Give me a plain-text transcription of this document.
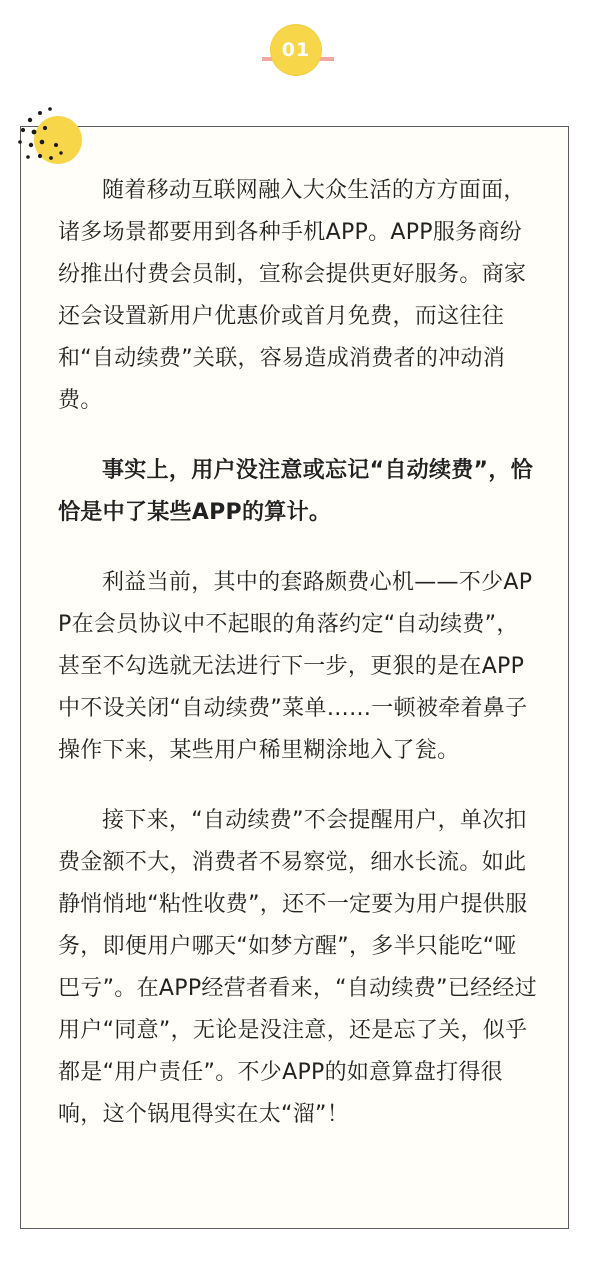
01

随着移动互联网融入大众生活的方方面面，诸多场景都要用到各种手机APP。APP服务商纷纷推出付费会员制，宣称会提供更好服务。商家还会设置新用户优惠价或首月免费，而这往往和“自动续费”关联，容易造成消费者的冲动消费。

事实上，用户没注意或忘记“自动续费”，恰恰是中了某些APP的算计。

利益当前，其中的套路颇费心机——不少APP在会员协议中不起眼的角落约定“自动续费”，甚至不勾选就无法进行下一步，更狠的是在APP中不设关闭“自动续费”菜单……一顿被牵着鼻子操作下来，某些用户稀里糊涂地入了瓮。

接下来，“自动续费”不会提醒用户，单次扣费金额不大，消费者不易察觉，细水长流。如此静悄悄地“粘性收费”，还不一定要为用户提供服务，即便用户哪天“如梦方醒”，多半只能吃“哑巴亏”。在APP经营者看来，“自动续费”已经经过用户“同意”，无论是没注意，还是忘了关，似乎都是“用户责任”。不少APP的如意算盘打得很响，这个锅甩得实在太“溜”！
